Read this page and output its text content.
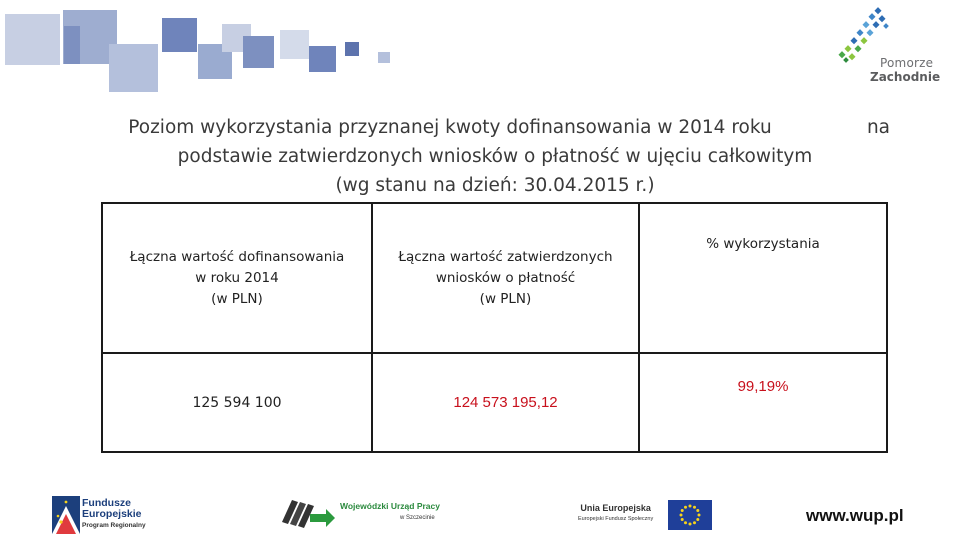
Pomorze
Zachodnie
Poziom wykorzystania przyznanej kwoty dofinansowania w 2014 roku	na
podstawie zatwierdzonych wniosków o płatność w ujęciu całkowitym
(wg stanu na dzień: 30.04.2015 r.)
Łączna wartość dofinansowania
w roku 2014
(w PLN)	Łączna wartość zatwierdzonych
wniosków o płatność
(w PLN)	% wykorzystania

125 594 100	124 573 195,12	99,19%
Fundusze
Europejskie
Program Regionalny
Wojewódzki Urząd Pracy
w Szczecinie
Unia Europejska
Europejski Fundusz Społeczny	www.wup.pl
